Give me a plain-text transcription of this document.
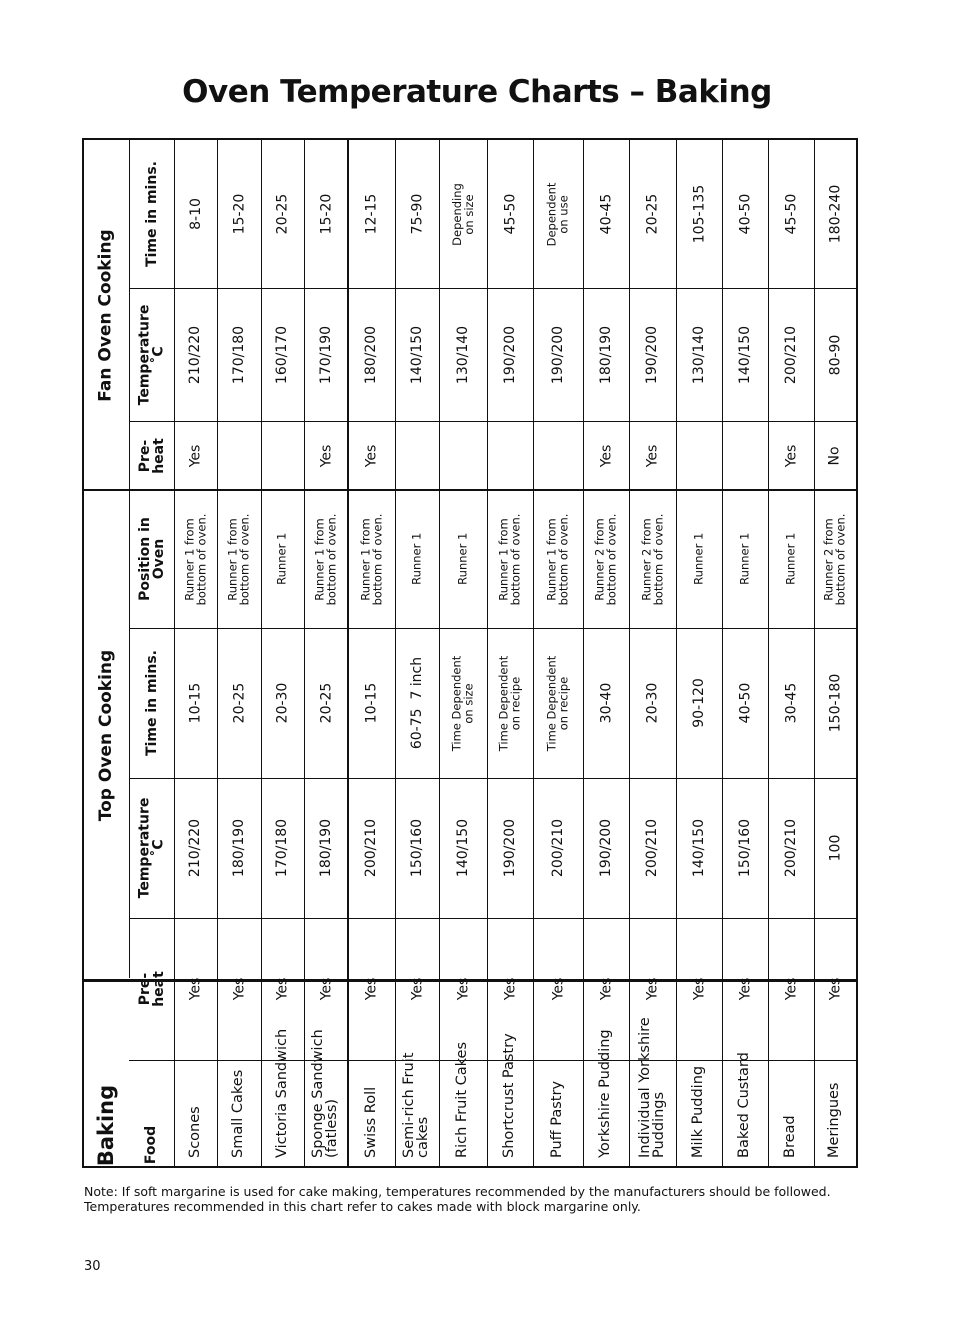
Oven Temperature Charts – Baking
Fan Oven Cooking
Top Oven Cooking
Baking
Time in mins.
Temperature
˚C
Pre-
heat
Position in
Oven
Time in mins.
Temperature
˚C
Pre-
heat
Food
8-10
210/220
Yes
Runner 1 from
bottom of oven.
10-15
210/220
Yes
Scones
15-20
170/180
Runner 1 from
bottom of oven.
20-25
180/190
Yes
Small Cakes
20-25
160/170
Runner 1
20-30
170/180
Yes
Victoria Sandwich
15-20
170/190
Yes
Runner 1 from
bottom of oven.
20-25
180/190
Yes
Sponge Sandwich
(fatless)
12-15
180/200
Yes
Runner 1 from
bottom of oven.
10-15
200/210
Yes
Swiss Roll
75-90
140/150
Runner 1
60-75  7 inch
150/160
Yes
Semi-rich Fruit
cakes
Depending
on size
130/140
Runner 1
Time Dependent
on size
140/150
Yes
Rich Fruit Cakes
45-50
190/200
Runner 1 from
bottom of oven.
Time Dependent
on recipe
190/200
Yes
Shortcrust Pastry
Dependent
on use
190/200
Runner 1 from
bottom of oven.
Time Dependent
on recipe
200/210
Yes
Puff Pastry
40-45
180/190
Yes
Runner 2 from
bottom of oven.
30-40
190/200
Yes
Yorkshire Pudding
20-25
190/200
Yes
Runner 2 from
bottom of oven.
20-30
200/210
Yes
Individual Yorkshire
Puddings
105-135
130/140
Runner 1
90-120
140/150
Yes
Milk Pudding
40-50
140/150
Runner 1
40-50
150/160
Yes
Baked Custard
45-50
200/210
Yes
Runner 1
30-45
200/210
Yes
Bread
180-240
80-90
No
Runner 2 from
bottom of oven.
150-180
100
Yes
Meringues
Note: If soft margarine is used for cake making, temperatures recommended by the manufacturers should be followed.
Temperatures recommended in this chart refer to cakes made with block margarine only.
30
